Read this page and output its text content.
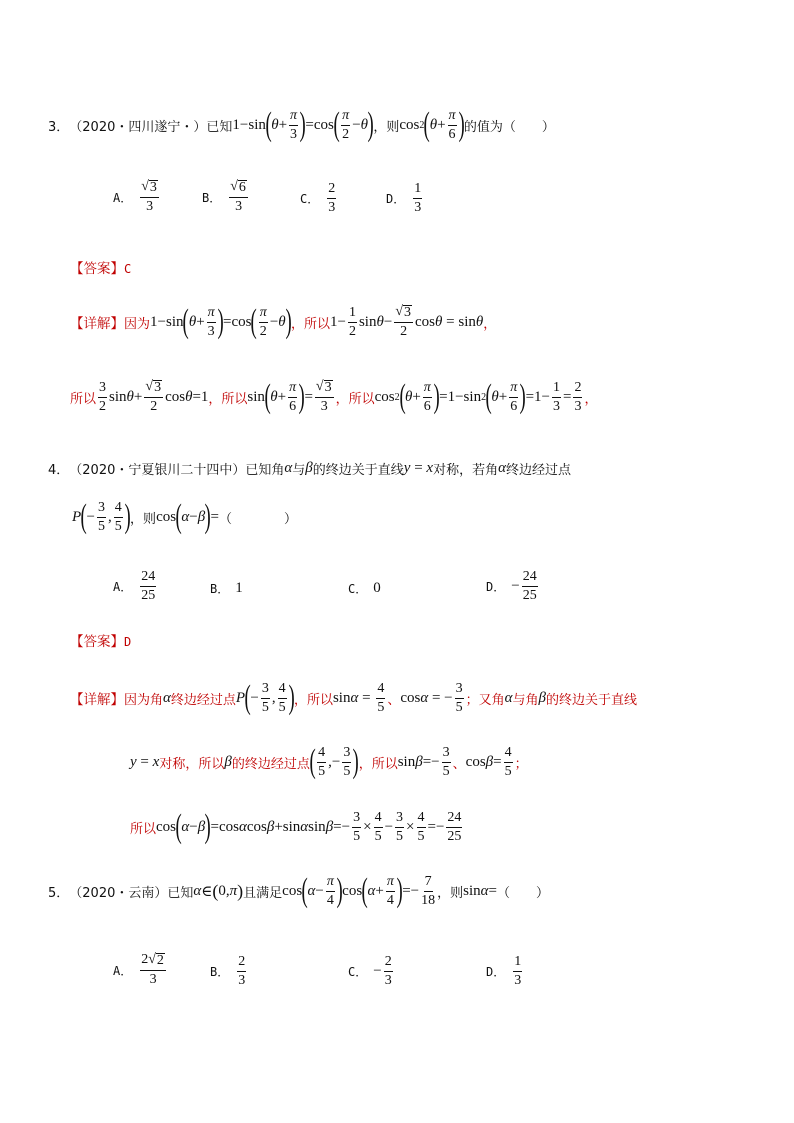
3． （2020・四川遂宁・） 已知 1−sin ( θ +
π
3 ) =cos ( π
2
− θ ) ，则 cos 2 ( θ +
π
6 ) 的值为（　　）
A．
√ 3
3
B．
√ 6
3	C．
2
3
D．
1
3
【答案】C
【详解】 因为 1−sin ( θ +
π
3 ) =cos ( π
2
− θ ) ，所以 1−
1
2
sin θ −
√ 3
2
cos θ = sin θ ，
所以
3
2
sin θ +
√ 3
2
cos θ =1 ，所以 sin ( θ +
π
6 ) =
√ 3
3 ，所以 cos 2 ( θ +
π
6 ) =1−sin 2 ( θ +
π
6 ) =1−
1
3
=
2
3 ，
4． （2020・宁夏银川二十四中） 已知角 α 与 β 的终边关于直线 y = x 对称，若角 α 终边经过点
P ( −
3
5
,
4
5 ) ，则 cos ( α − β ) = （　　　　）
A．
24
25	B． 1	C． 0	D． −
24
25
【答案】D
【详解】 因为角 α 终边经过点 P ( −
3
5
,
4
5 ) ，所以 sin α =
4
5 、 cos α = −
3
5 ；又角 α 与角 β 的终边关于直线
y = x 对称，所以 β 的终边经过点 ( 4
5
,−
3
5 ) ，所以 sin β =−
3
5 、 cos β =
4
5 ；
所以 cos ( α − β ) =cos α cos β +sin α sin β =−
3
5
×
4
5
−
3
5
×
4
5
=−
24
25
5． （2020・云南） 已知 α ∈ ( 0, π ) 且满足 cos ( α −
π
4 ) cos ( α +
π
4 ) =−
7
18 ，则 sin α = （　　）
A．
2 √ 2
3	B．
2
3
C． −
2
3
D．
1
3
